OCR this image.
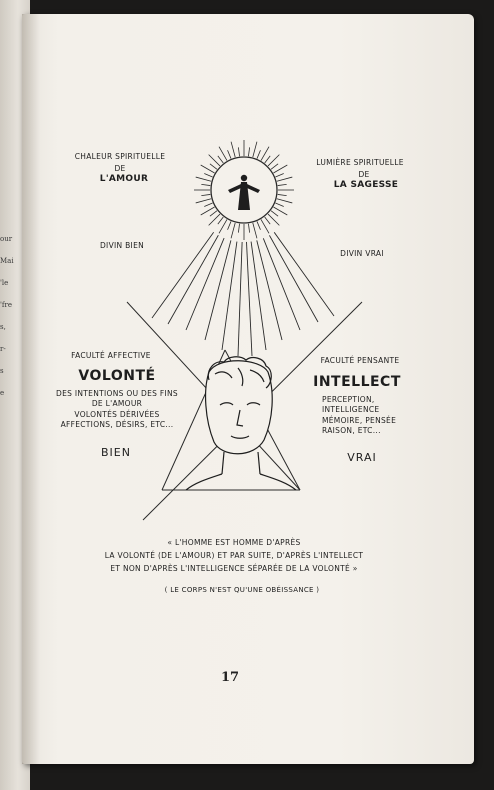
our
Mai
'le
'fre
s,
r-
s
e
CHALEUR SPIRITUELLE
DE
L'AMOUR
LUMIÈRE SPIRITUELLE
DE
LA SAGESSE
DIVIN BIEN
DIVIN VRAI
FACULTÉ AFFECTIVE
VOLONTÉ
DES INTENTIONS OU DES FINS
DE L'AMOUR
VOLONTÉS DÉRIVÉES
AFFECTIONS, DÉSIRS, ETC...
BIEN
FACULTÉ PENSANTE
INTELLECT
PERCEPTION,
INTELLIGENCE
MÉMOIRE, PENSÉE
RAISON, ETC...
VRAI
« L'HOMME EST HOMME D'APRÈS
LA VOLONTÉ (DE L'AMOUR) ET PAR SUITE, D'APRÈS L'INTELLECT
ET NON D'APRÈS L'INTELLIGENCE SÉPARÉE DE LA VOLONTÉ »
( LE CORPS N'EST QU'UNE OBÉISSANCE )
17
